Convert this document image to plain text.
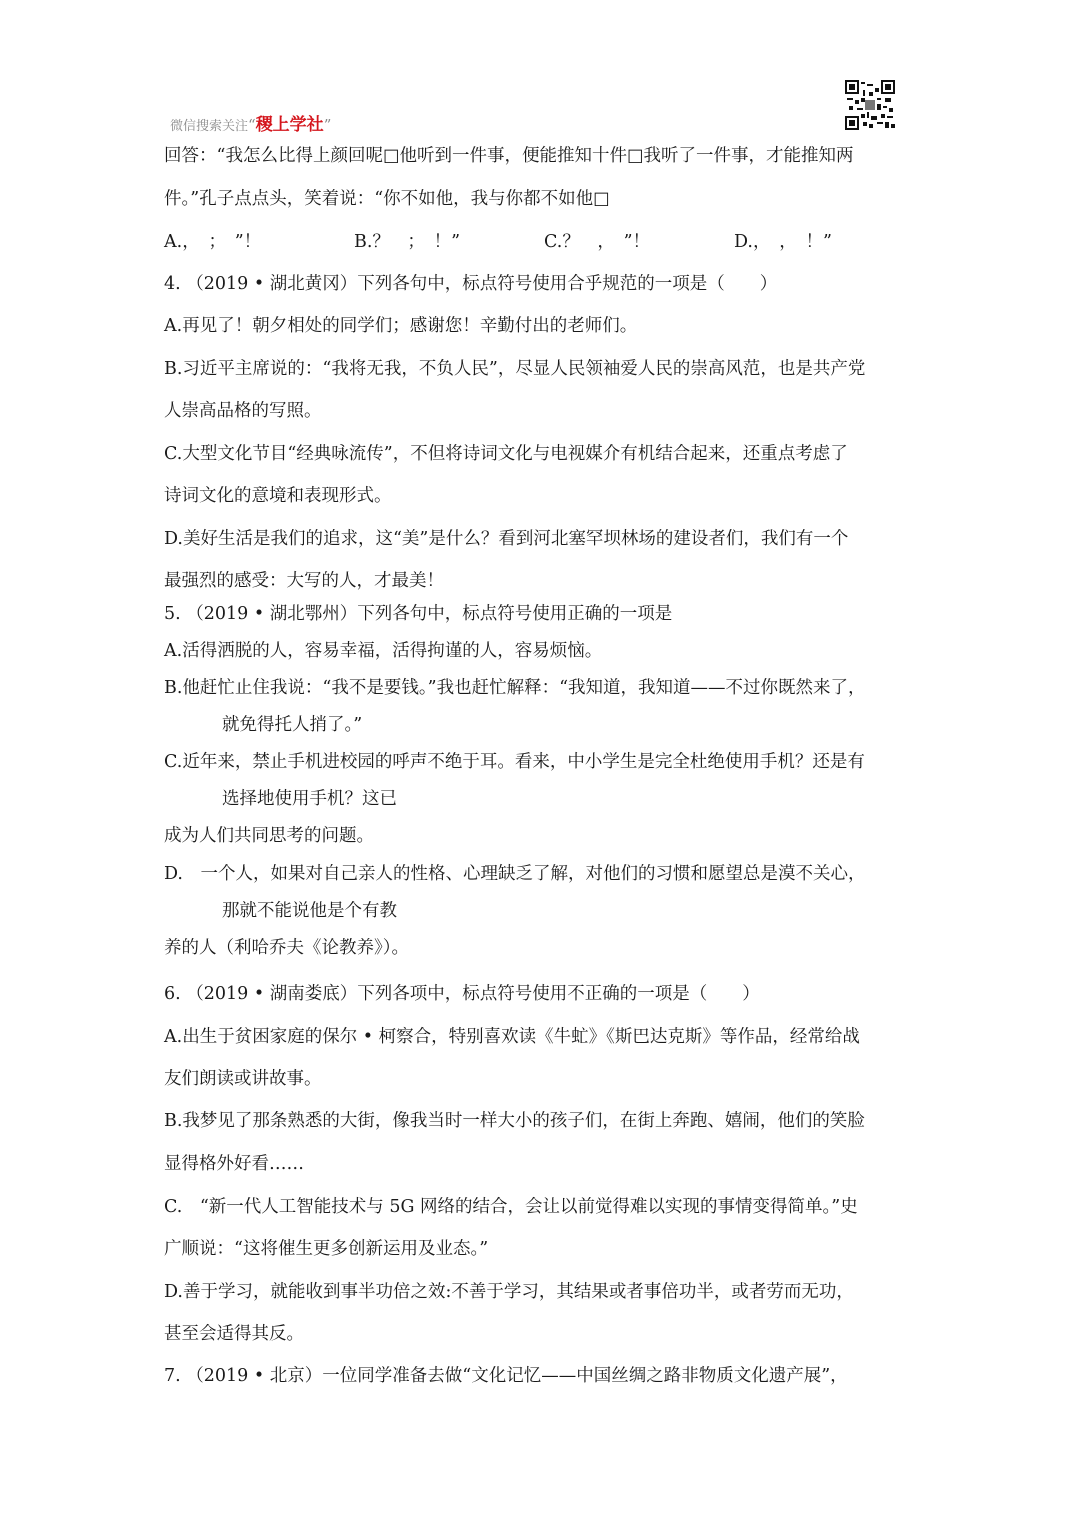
微信搜索关注“稷上学社”
回答：“我怎么比得上颜回呢□他听到一件事，便能推知十件□我听了一件事，才能推知两
件。”孔子点点头，笑着说：“你不如他，我与你都不如他□
A.，　；　”！	B.？　；　！”	C.？　，　”！	D.，　，　！”
4. （2019 • 湖北黄冈）下列各句中，标点符号使用合乎规范的一项是（　　）
A.再见了！朝夕相处的同学们；感谢您！辛勤付出的老师们。
B.习近平主席说的：“我将无我，不负人民”，尽显人民领袖爱人民的崇高风范，也是共产党
人崇高品格的写照。
C.大型文化节目“经典咏流传”，不但将诗词文化与电视媒介有机结合起来，还重点考虑了
诗词文化的意境和表现形式。
D.美好生活是我们的追求，这“美”是什么？看到河北塞罕坝林场的建设者们，我们有一个
最强烈的感受：大写的人，才最美！
5. （2019 • 湖北鄂州）下列各句中，标点符号使用正确的一项是
A.活得洒脱的人，容易幸福，活得拘谨的人，容易烦恼。
B.他赶忙止住我说：“我不是要钱。”我也赶忙解释：“我知道，我知道——不过你既然来了，
就免得托人捎了。”
C.近年来，禁止手机进校园的呼声不绝于耳。看来，中小学生是完全杜绝使用手机？还是有
选择地使用手机？这已
成为人们共同思考的问题。
D.　一个人，如果对自己亲人的性格、心理缺乏了解，对他们的习惯和愿望总是漠不关心，
那就不能说他是个有教
养的人（利哈乔夫《论教养》）。
6. （2019 • 湖南娄底）下列各项中，标点符号使用不正确的一项是（　　）
A.出生于贫困家庭的保尔 • 柯察合，特别喜欢读《牛虻》《斯巴达克斯》等作品，经常给战
友们朗读或讲故事。
B.我梦见了那条熟悉的大街，像我当时一样大小的孩子们，在街上奔跑、嬉闹，他们的笑脸
显得格外好看……
C.　“新一代人工智能技术与 5G 网络的结合，会让以前觉得难以实现的事情变得简单。”史
广顺说：“这将催生更多创新运用及业态。”
D.善于学习，就能收到事半功倍之效:不善于学习，其结果或者事倍功半，或者劳而无功，
甚至会适得其反。
7. （2019 • 北京）一位同学准备去做“文化记忆——中国丝绸之路非物质文化遗产展”，
